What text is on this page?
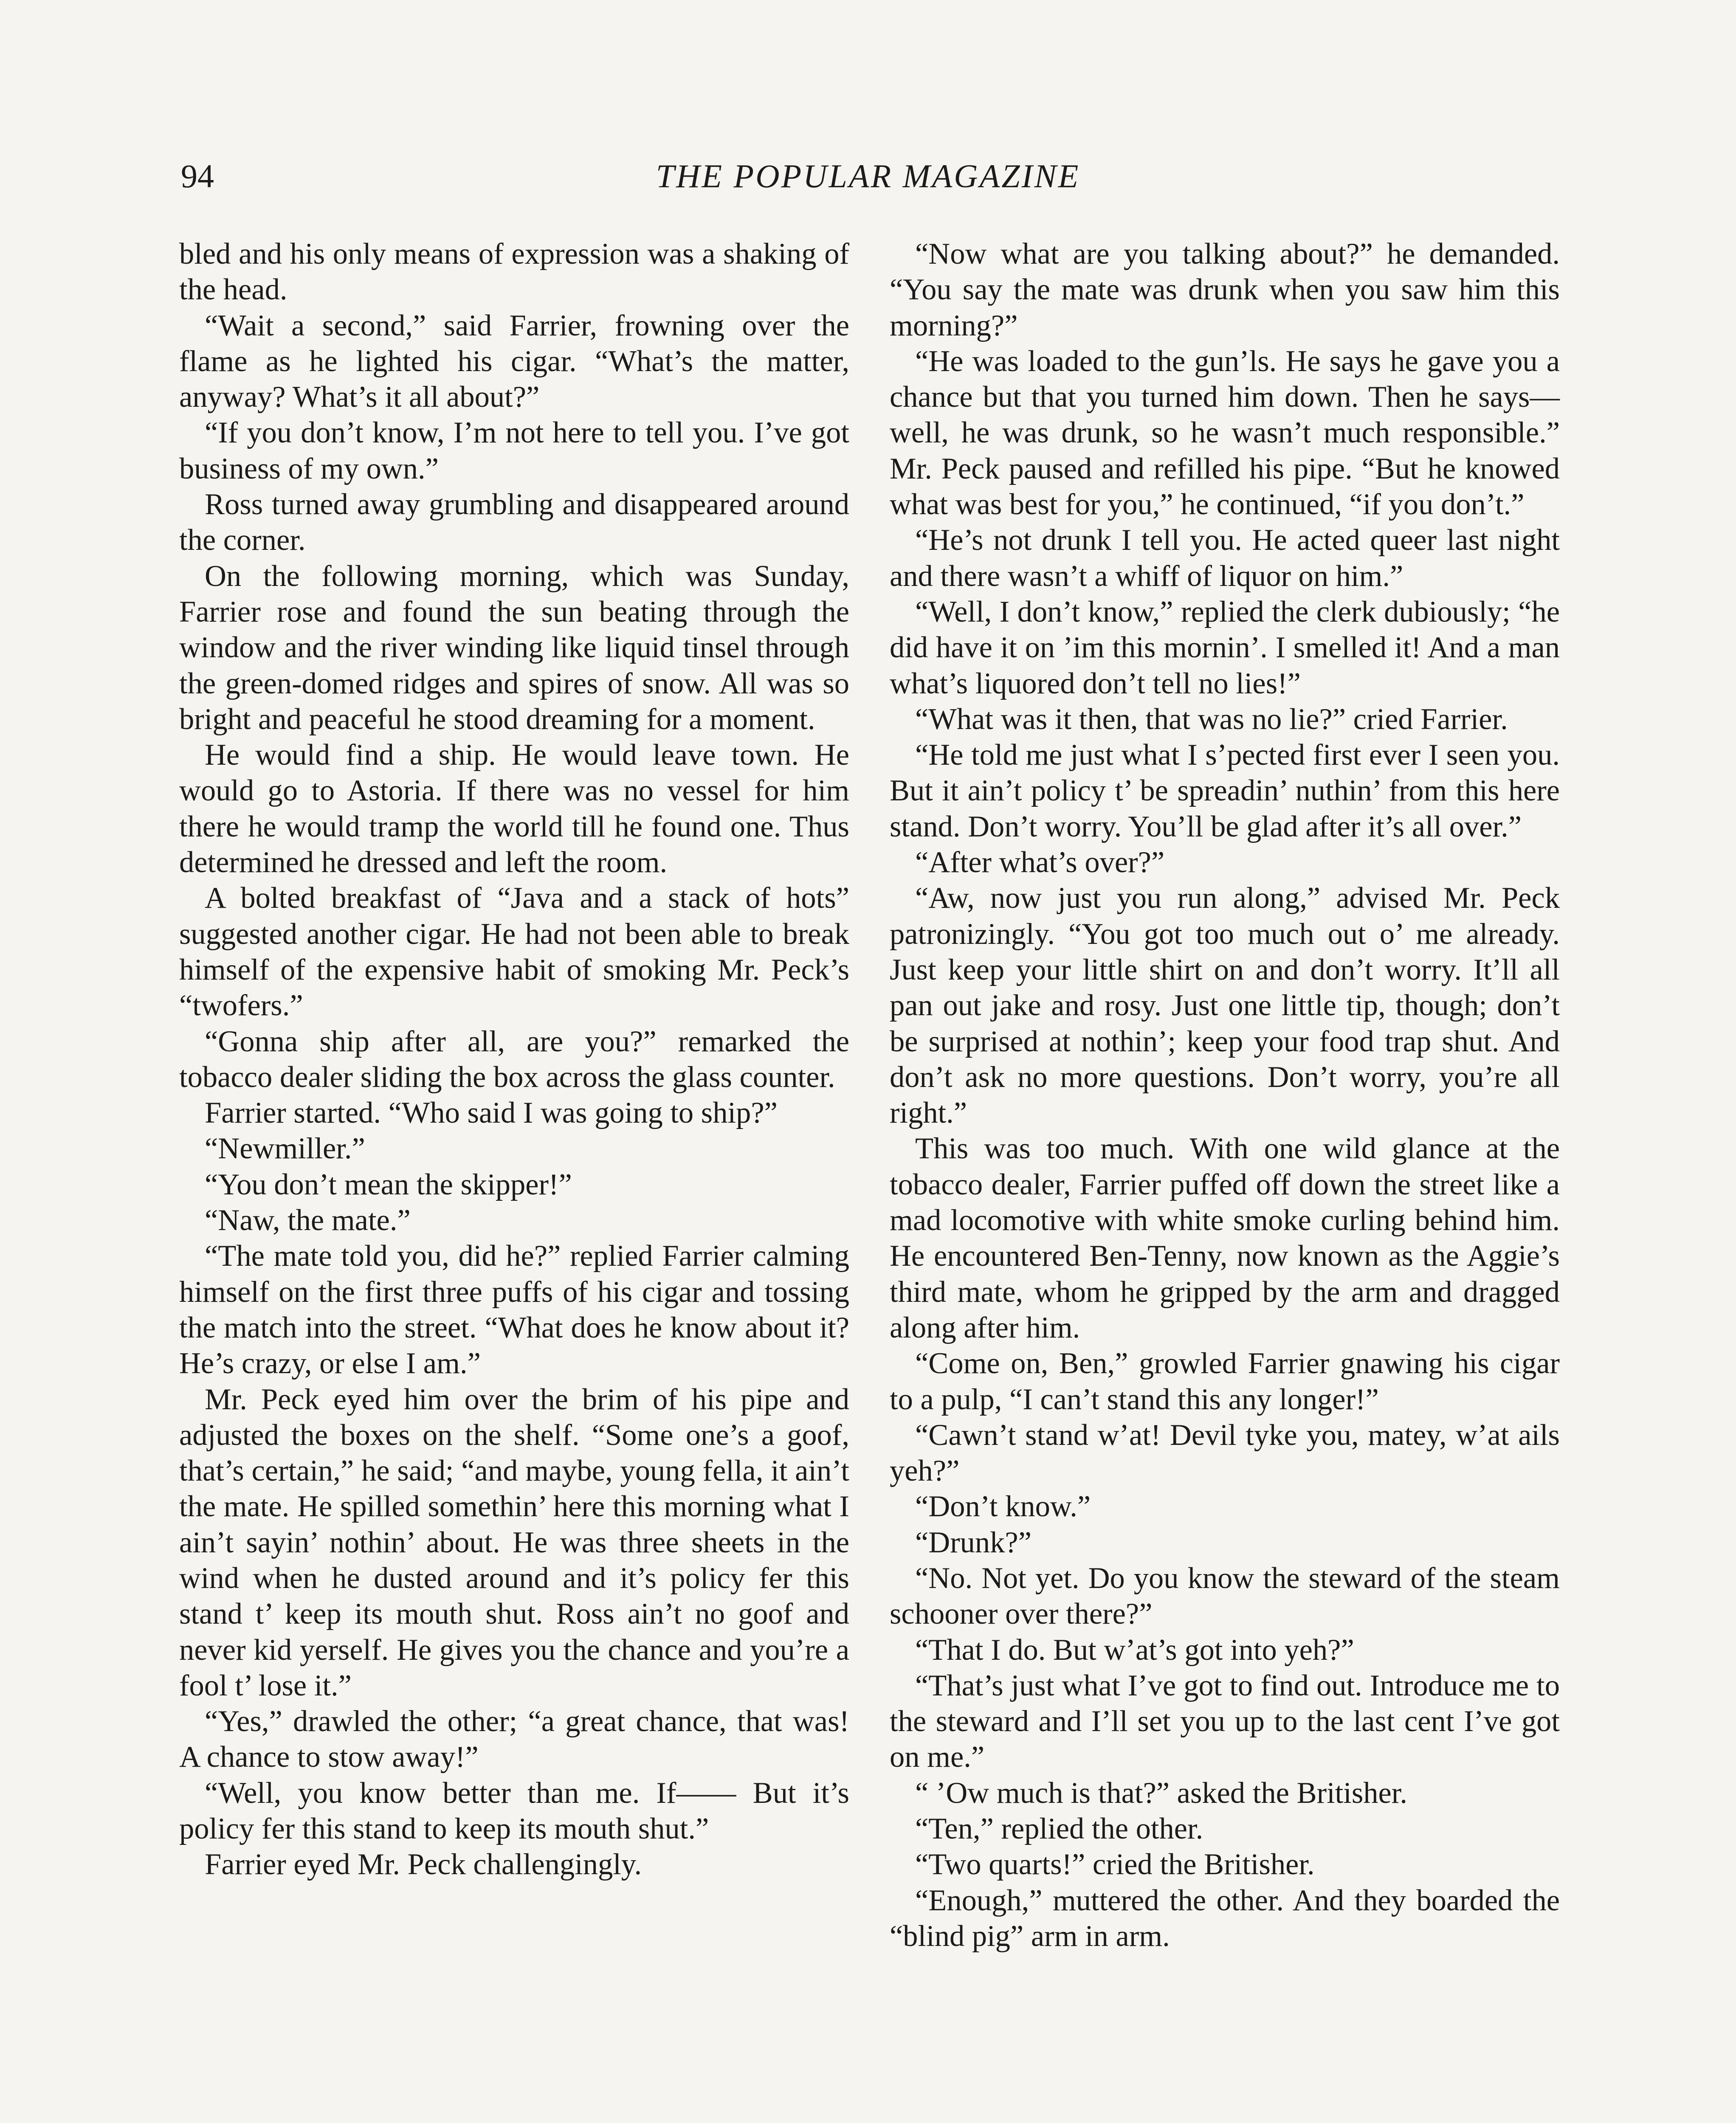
94	THE POPULAR MAGAZINE

bled and his only means of expression was a shaking of the head.

“Wait a second,” said Farrier, frowning over the flame as he lighted his cigar. “What’s the matter, anyway? What’s it all about?”

“If you don’t know, I’m not here to tell you. I’ve got business of my own.”

Ross turned away grumbling and disappeared around the corner.

On the following morning, which was Sunday, Farrier rose and found the sun beating through the window and the river winding like liquid tinsel through the green-domed ridges and spires of snow. All was so bright and peaceful he stood dreaming for a moment.

He would find a ship. He would leave town. He would go to Astoria. If there was no vessel for him there he would tramp the world till he found one. Thus determined he dressed and left the room.

A bolted breakfast of “Java and a stack of hots” suggested another cigar. He had not been able to break himself of the expensive habit of smoking Mr. Peck’s “twofers.”

“Gonna ship after all, are you?” remarked the tobacco dealer sliding the box across the glass counter.

Farrier started. “Who said I was going to ship?”

“Newmiller.”

“You don’t mean the skipper!”

“Naw, the mate.”

“The mate told you, did he?” replied Farrier calming himself on the first three puffs of his cigar and tossing the match into the street. “What does he know about it? He’s crazy, or else I am.”

Mr. Peck eyed him over the brim of his pipe and adjusted the boxes on the shelf. “Some one’s a goof, that’s certain,” he said; “and maybe, young fella, it ain’t the mate. He spilled somethin’ here this morning what I ain’t sayin’ nothin’ about. He was three sheets in the wind when he dusted around and it’s policy fer this stand t’ keep its mouth shut. Ross ain’t no goof and never kid yerself. He gives you the chance and you’re a fool t’ lose it.”

“Yes,” drawled the other; “a great chance, that was! A chance to stow away!”

“Well, you know better than me. If—— But it’s policy fer this stand to keep its mouth shut.”

Farrier eyed Mr. Peck challengingly.

“Now what are you talking about?” he demanded. “You say the mate was drunk when you saw him this morning?”

“He was loaded to the gun’ls. He says he gave you a chance but that you turned him down. Then he says—well, he was drunk, so he wasn’t much responsible.” Mr. Peck paused and refilled his pipe. “But he knowed what was best for you,” he continued, “if you don’t.”

“He’s not drunk I tell you. He acted queer last night and there wasn’t a whiff of liquor on him.”

“Well, I don’t know,” replied the clerk dubiously; “he did have it on ’im this mornin’. I smelled it! And a man what’s liquored don’t tell no lies!”

“What was it then, that was no lie?” cried Farrier.

“He told me just what I s’pected first ever I seen you. But it ain’t policy t’ be spreadin’ nuthin’ from this here stand. Don’t worry. You’ll be glad after it’s all over.”

“After what’s over?”

“Aw, now just you run along,” advised Mr. Peck patronizingly. “You got too much out o’ me already. Just keep your little shirt on and don’t worry. It’ll all pan out jake and rosy. Just one little tip, though; don’t be surprised at nothin’; keep your food trap shut. And don’t ask no more questions. Don’t worry, you’re all right.”

This was too much. With one wild glance at the tobacco dealer, Farrier puffed off down the street like a mad locomotive with white smoke curling behind him. He encountered Ben-Tenny, now known as the Aggie’s third mate, whom he gripped by the arm and dragged along after him.

“Come on, Ben,” growled Farrier gnawing his cigar to a pulp, “I can’t stand this any longer!”

“Cawn’t stand w’at! Devil tyke you, matey, w’at ails yeh?”

“Don’t know.”

“Drunk?”

“No. Not yet. Do you know the steward of the steam schooner over there?”

“That I do. But w’at’s got into yeh?”

“That’s just what I’ve got to find out. Introduce me to the steward and I’ll set you up to the last cent I’ve got on me.”

“ ’Ow much is that?” asked the Britisher.

“Ten,” replied the other.

“Two quarts!” cried the Britisher.

“Enough,” muttered the other. And they boarded the “blind pig” arm in arm.
